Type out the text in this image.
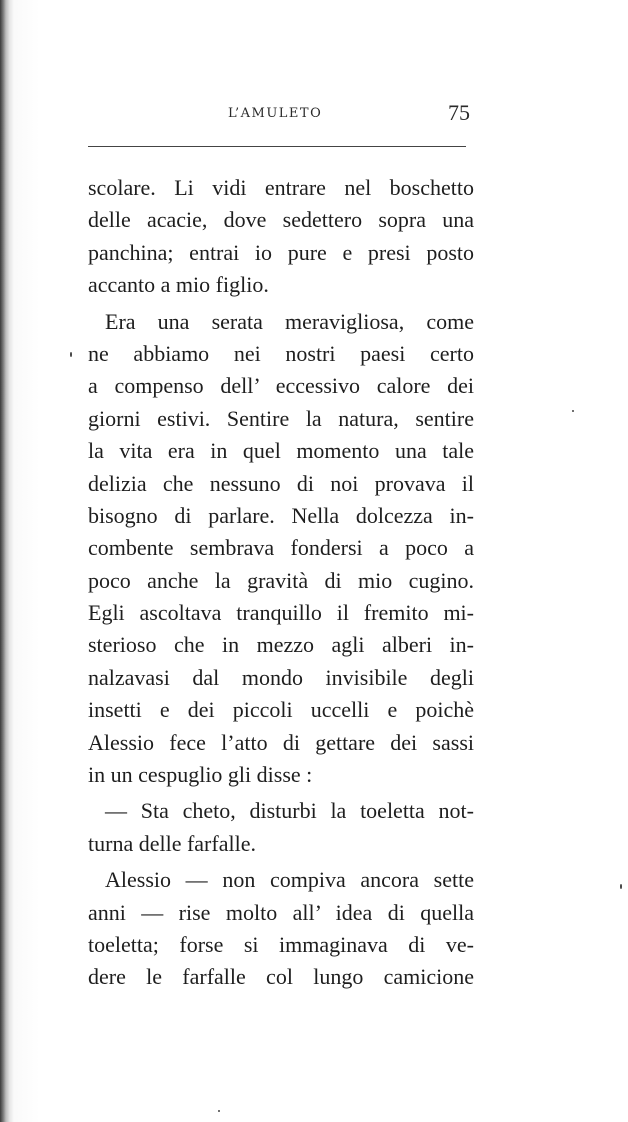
L’AMULETO	75
scolare. Li vidi entrare nel boschetto
delle acacie, dove sedettero sopra una
panchina; entrai io pure e presi posto
accanto a mio figlio.
Era una serata meravigliosa, come
ne abbiamo nei nostri paesi certo
a compenso dell’ eccessivo calore dei
giorni estivi. Sentire la natura, sentire
la vita era in quel momento una tale
delizia che nessuno di noi provava il
bisogno di parlare. Nella dolcezza in-
combente sembrava fondersi a poco a
poco anche la gravità di mio cugino.
Egli ascoltava tranquillo il fremito mi-
sterioso che in mezzo agli alberi in-
nalzavasi dal mondo invisibile degli
insetti e dei piccoli uccelli e poichè
Alessio fece l’atto di gettare dei sassi
in un cespuglio gli disse :
— Sta cheto, disturbi la toeletta not-
turna delle farfalle.
Alessio — non compiva ancora sette
anni — rise molto all’ idea di quella
toeletta; forse si immaginava di ve-
dere le farfalle col lungo camicione
